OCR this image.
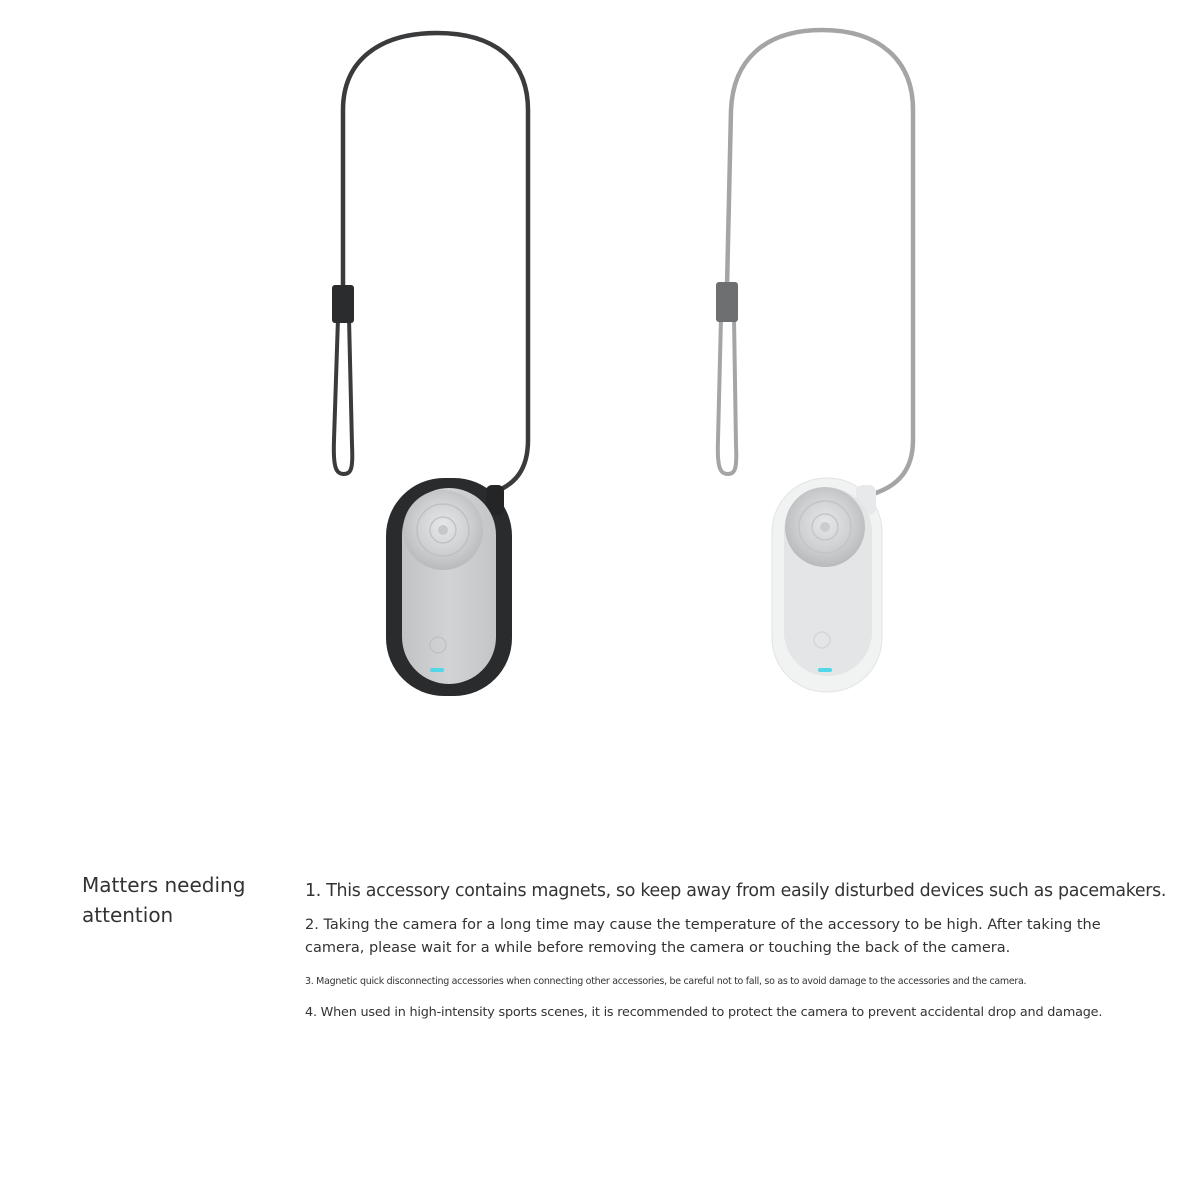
Matters needing attention
1. This accessory contains magnets, so keep away from easily disturbed devices such as pacemakers.
2. Taking the camera for a long time may cause the temperature of the accessory to be high. After taking the camera, please wait for a while before removing the camera or touching the back of the camera.
3. Magnetic quick disconnecting accessories when connecting other accessories, be careful not to fall, so as to avoid damage to the accessories and the camera.
4. When used in high-intensity sports scenes, it is recommended to protect the camera to prevent accidental drop and damage.
